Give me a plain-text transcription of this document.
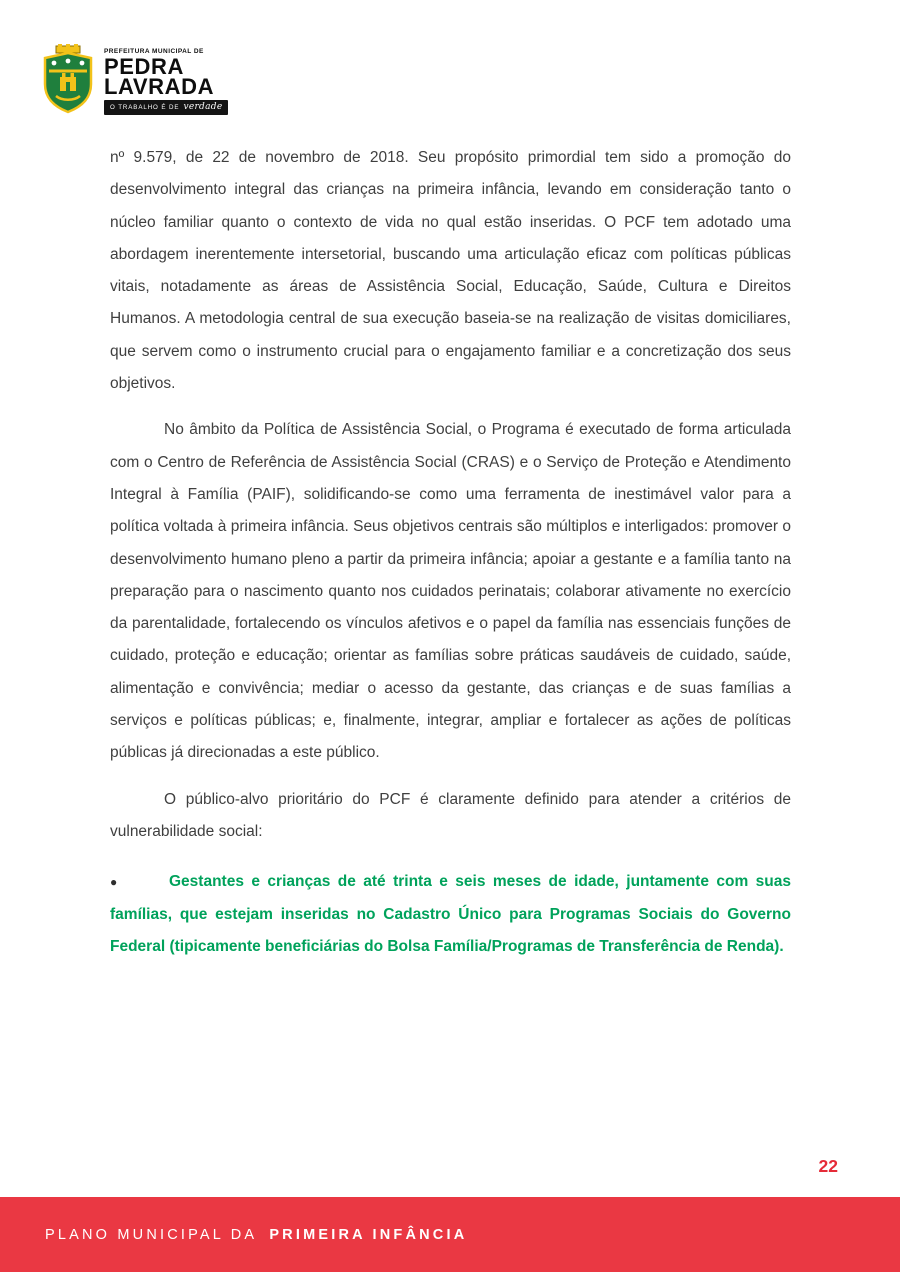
PREFEITURA MUNICIPAL DE
PEDRA
LAVRADA
O TRABALHO É DE verdade

nº 9.579, de 22 de novembro de 2018. Seu propósito primordial tem sido a promoção do desenvolvimento integral das crianças na primeira infância, levando em consideração tanto o núcleo familiar quanto o contexto de vida no qual estão inseridas. O PCF tem adotado uma abordagem inerentemente intersetorial, buscando uma articulação eficaz com políticas públicas vitais, notadamente as áreas de Assistência Social, Educação, Saúde, Cultura e Direitos Humanos. A metodologia central de sua execução baseia-se na realização de visitas domiciliares, que servem como o instrumento crucial para o engajamento familiar e a concretização dos seus objetivos.

No âmbito da Política de Assistência Social, o Programa é executado de forma articulada com o Centro de Referência de Assistência Social (CRAS) e o Serviço de Proteção e Atendimento Integral à Família (PAIF), solidificando-se como uma ferramenta de inestimável valor para a política voltada à primeira infância. Seus objetivos centrais são múltiplos e interligados: promover o desenvolvimento humano pleno a partir da primeira infância; apoiar a gestante e a família tanto na preparação para o nascimento quanto nos cuidados perinatais; colaborar ativamente no exercício da parentalidade, fortalecendo os vínculos afetivos e o papel da família nas essenciais funções de cuidado, proteção e educação; orientar as famílias sobre práticas saudáveis de cuidado, saúde, alimentação e convivência; mediar o acesso da gestante, das crianças e de suas famílias a serviços e políticas públicas; e, finalmente, integrar, ampliar e fortalecer as ações de políticas públicas já direcionadas a este público.

O público-alvo prioritário do PCF é claramente definido para atender a critérios de vulnerabilidade social:

●	Gestantes e crianças de até trinta e seis meses de idade, juntamente com suas famílias, que estejam inseridas no Cadastro Único para Programas Sociais do Governo Federal (tipicamente beneficiárias do Bolsa Família/Programas de Transferência de Renda).

22
PLANO MUNICIPAL DA PRIMEIRA INFÂNCIA
